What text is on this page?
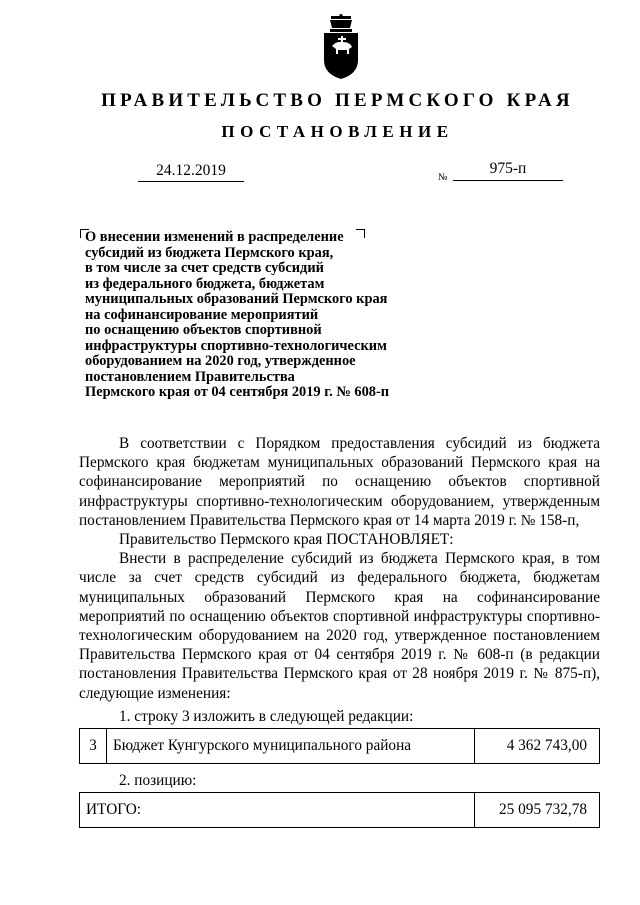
ПРАВИТЕЛЬСТВО ПЕРМСКОГО КРАЯ
ПОСТАНОВЛЕНИЕ
24.12.2019	№
975-п
О внесении изменений в распределение
субсидий из бюджета Пермского края,
в том числе за счет средств субсидий
из федерального бюджета, бюджетам
муниципальных образований Пермского края
на софинансирование мероприятий
по оснащению объектов спортивной
инфраструктуры спортивно-технологическим
оборудованием на 2020 год, утвержденное
постановлением Правительства
Пермского края от 04 сентября 2019 г. № 608-п

В соответствии с Порядком предоставления субсидий из бюджета Пермского края бюджетам муниципальных образований Пермского края на софинансирование мероприятий по оснащению объектов спортивной инфраструктуры спортивно-технологическим оборудованием, утвержденным постановлением Правительства Пермского края от 14 марта 2019 г. № 158-п,

Правительство Пермского края ПОСТАНОВЛЯЕТ:

Внести в распределение субсидий из бюджета Пермского края, в том числе за счет средств субсидий из федерального бюджета, бюджетам муниципальных образований Пермского края на софинансирование мероприятий по оснащению объектов спортивной инфраструктуры спортивно-технологическим оборудованием на 2020 год, утвержденное постановлением Правительства Пермского края от 04 сентября 2019 г. № 608-п (в редакции постановления Правительства Пермского края от 28 ноября 2019 г. № 875-п), следующие изменения:

1. строку 3 изложить в следующей редакции:
3	Бюджет Кунгурского муниципального района	4 362 743,00
2. позицию:
ИТОГО:	25 095 732,78
